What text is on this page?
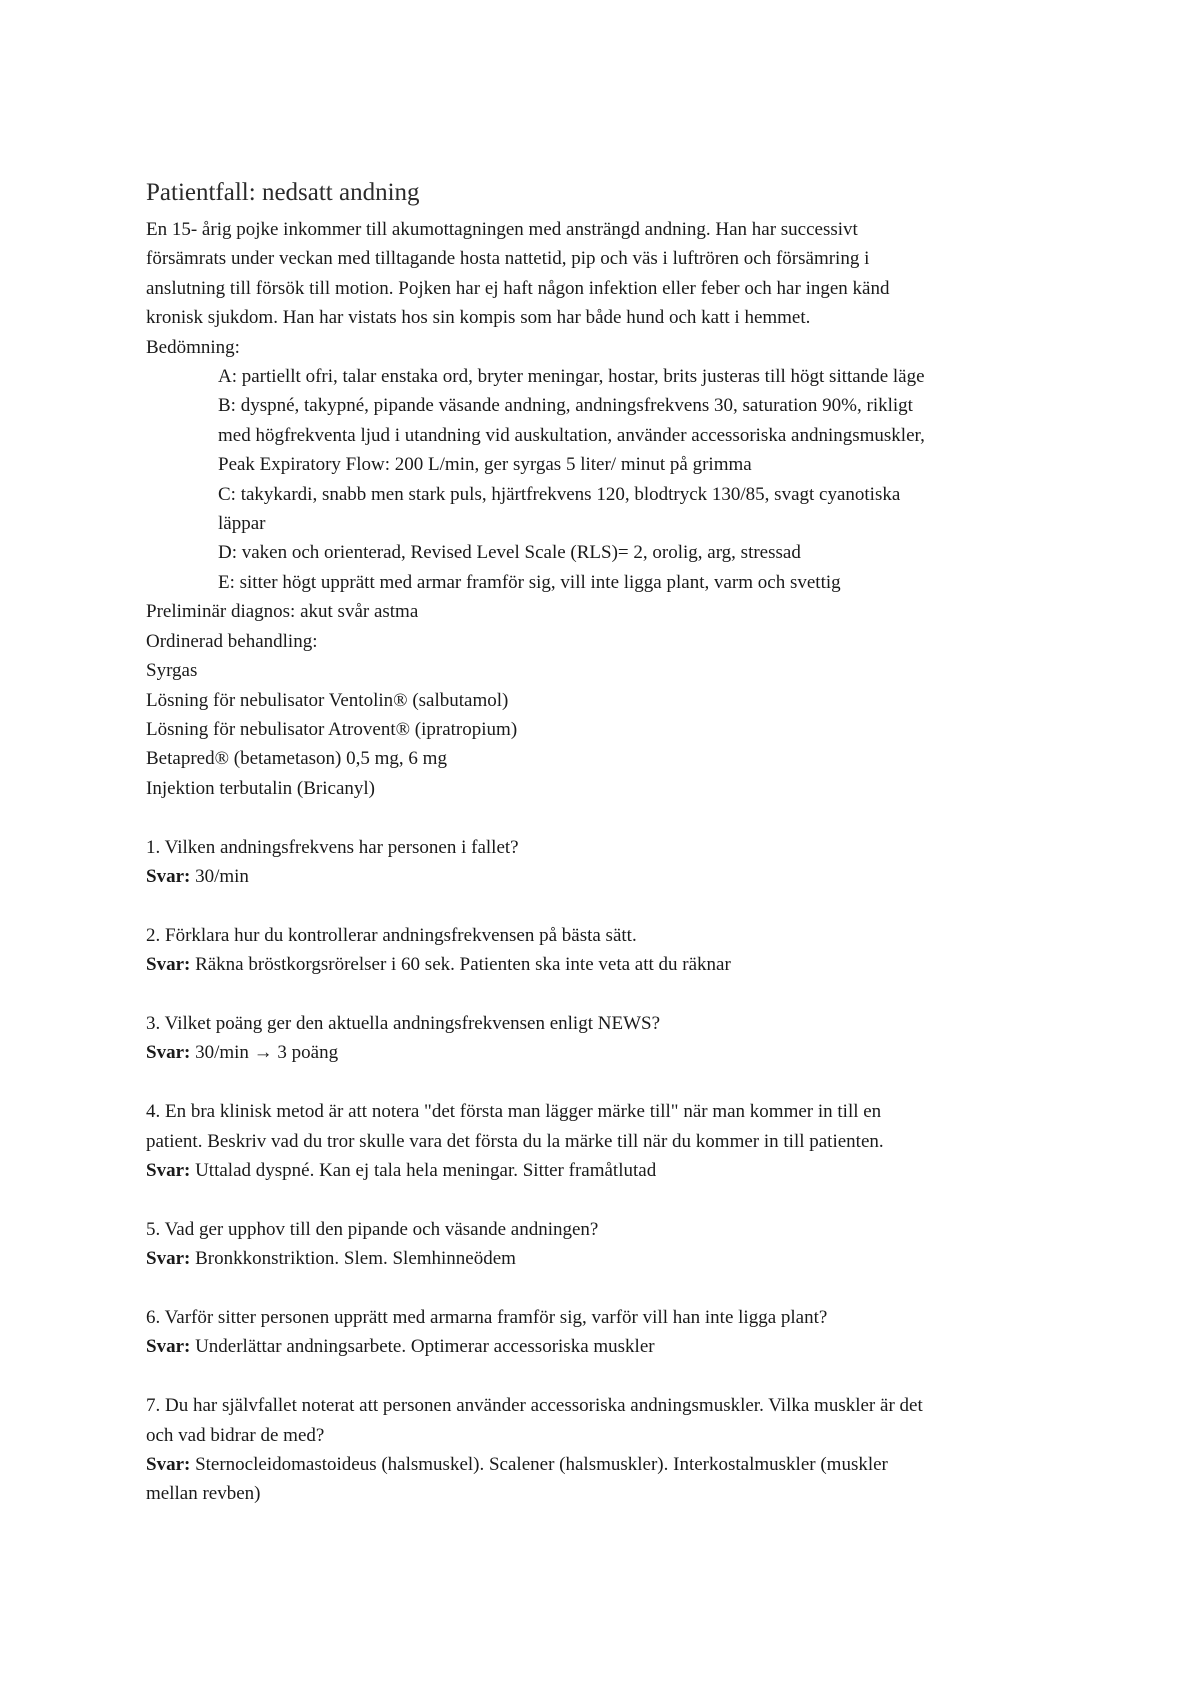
Patientfall: nedsatt andning

En 15- årig pojke inkommer till akumottagningen med ansträngd andning. Han har successivt

försämrats under veckan med tilltagande hosta nattetid, pip och väs i luftrören och försämring i

anslutning till försök till motion. Pojken har ej haft någon infektion eller feber och har ingen känd

kronisk sjukdom. Han har vistats hos sin kompis som har både hund och katt i hemmet.

Bedömning:

A: partiellt ofri, talar enstaka ord, bryter meningar, hostar, brits justeras till högt sittande läge

B: dyspné, takypné, pipande väsande andning, andningsfrekvens 30, saturation 90%, rikligt

med högfrekventa ljud i utandning vid auskultation, använder accessoriska andningsmuskler,

Peak Expiratory Flow: 200 L/min, ger syrgas 5 liter/ minut på grimma

C: takykardi, snabb men stark puls, hjärtfrekvens 120, blodtryck 130/85, svagt cyanotiska

läppar

D: vaken och orienterad, Revised Level Scale (RLS)= 2, orolig, arg, stressad

E: sitter högt upprätt med armar framför sig, vill inte ligga plant, varm och svettig

Preliminär diagnos: akut svår astma

Ordinerad behandling:

Syrgas

Lösning för nebulisator Ventolin® (salbutamol)

Lösning för nebulisator Atrovent® (ipratropium)

Betapred® (betametason) 0,5 mg, 6 mg

Injektion terbutalin (Bricanyl)

1. Vilken andningsfrekvens har personen i fallet?

Svar: 30/min

2. Förklara hur du kontrollerar andningsfrekvensen på bästa sätt.

Svar: Räkna bröstkorgsrörelser i 60 sek. Patienten ska inte veta att du räknar

3. Vilket poäng ger den aktuella andningsfrekvensen enligt NEWS?

Svar: 30/min → 3 poäng

4. En bra klinisk metod är att notera "det första man lägger märke till" när man kommer in till en

patient. Beskriv vad du tror skulle vara det första du la märke till när du kommer in till patienten.

Svar: Uttalad dyspné. Kan ej tala hela meningar. Sitter framåtlutad

5. Vad ger upphov till den pipande och väsande andningen?

Svar: Bronkkonstriktion. Slem. Slemhinneödem

6. Varför sitter personen upprätt med armarna framför sig, varför vill han inte ligga plant?

Svar: Underlättar andningsarbete. Optimerar accessoriska muskler

7. Du har självfallet noterat att personen använder accessoriska andningsmuskler. Vilka muskler är det

och vad bidrar de med?

Svar: Sternocleidomastoideus (halsmuskel). Scalener (halsmuskler). Interkostalmuskler (muskler

mellan revben)
